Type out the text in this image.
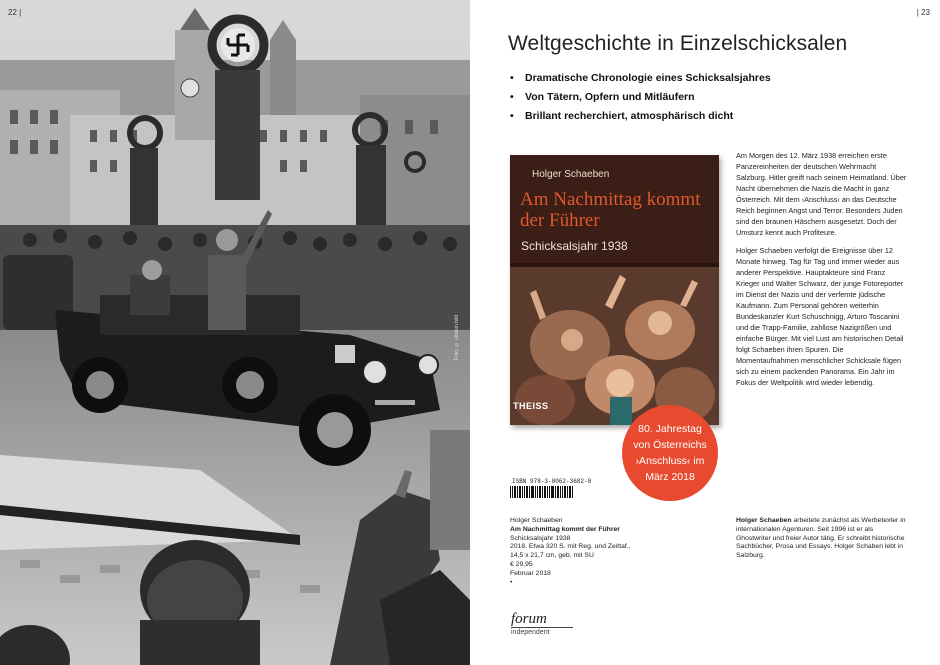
22 |
Foto: © ullstein bild
| 23
Weltgeschichte in Einzelschicksalen
• Dramatische Chronologie eines Schicksalsjahres
• Von Tätern, Opfern und Mitläufern
• Brillant recherchiert, atmosphärisch dicht
Holger Schaeben
Am Nachmittag kommt der Führer
Schicksalsjahr 1938
THEISS
80. Jahrestag
von Österreichs
›Anschluss‹ im
März 2018

Am Morgen des 12. März 1938 erreichen erste Panzereinheiten der deutschen Wehrmacht Salzburg. Hitler greift nach seinem Heimatland. Über Nacht übernehmen die Nazis die Macht in ganz Österreich. Mit dem ›Anschluss‹ an das Deutsche Reich beginnen Angst und Terror. Besonders Juden sind den braunen Häschern ausgesetzt. Doch der Umsturz kennt auch Profiteure.

Holger Schaeben verfolgt die Ereignisse über 12 Monate hinweg. Tag für Tag und immer wieder aus anderer Perspektive. Hauptakteure sind Franz Krieger und Walter Schwarz, der junge Fotoreporter im Dienst der Nazis und der verfemte jüdische Kaufmann. Zum Personal gehören weiterhin Bundeskanzler Kurt Schuschnigg, Arturo Toscanini und die Trapp-Familie, zahllose Nazigrößen und einfache Bürger. Mit viel Lust am historischen Detail folgt Schaeben ihren Spuren. Die Momentaufnahmen menschlicher Schicksale fügen sich zu einem packenden Panorama. Ein Jahr im Fokus der Weltpolitik wird wieder lebendig.

ISBN 978-3-8062-3682-8
Holger Schaeben
Am Nachmittag kommt der Führer
Schicksalsjahr 1938
2018. Etwa 320 S. mit Reg. und Zeittaf.,
14,5 x 21,7 cm, geb. mit SU
€ 29,95
Februar 2018
•
Holger Schaeben arbeitete zunächst als Werbetexter in internationalen Agenturen. Seit 1996 ist er als Ghostwriter und freier Autor tätig. Er schreibt historische Sachbücher, Prosa und Essays. Holger Schaben lebt in Salzburg.
forum
independent
